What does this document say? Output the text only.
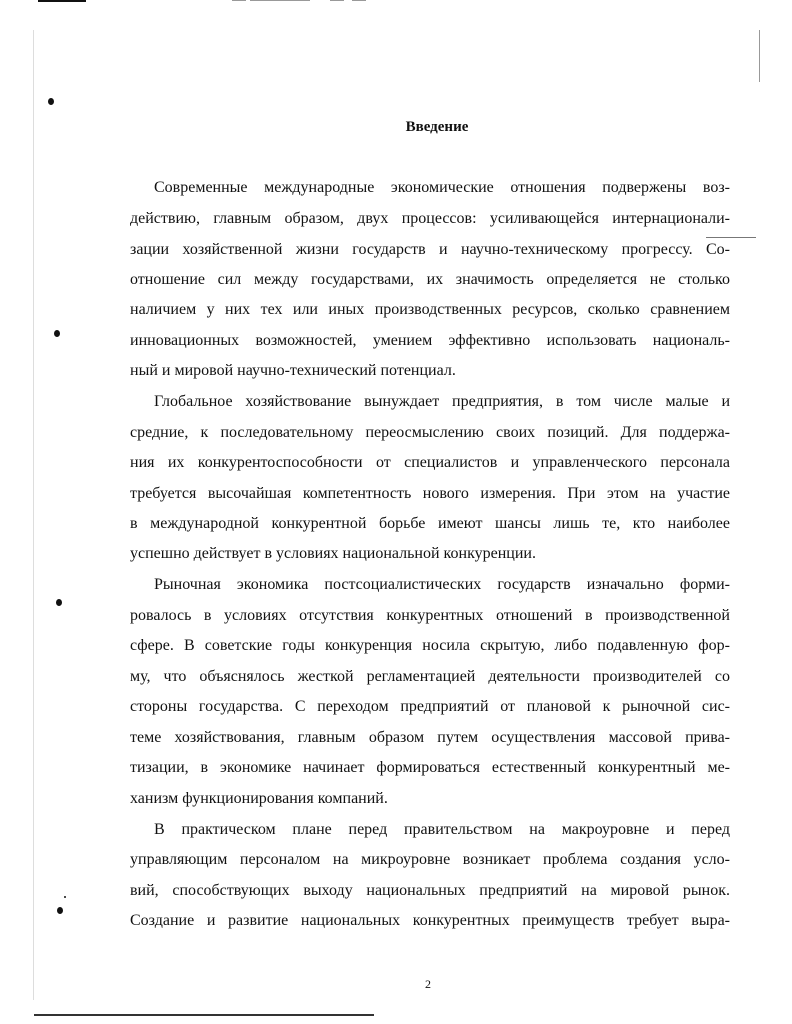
Введение
Современные международные экономические отношения подвержены воз-
действию, главным образом, двух процессов: усиливающейся интернационали-
зации хозяйственной жизни государств и научно-техническому прогрессу. Со-
отношение сил между государствами, их значимость определяется не столько
наличием у них тех или иных производственных ресурсов, сколько сравнением
инновационных возможностей, умением эффективно использовать националь-
ный и мировой научно-технический потенциал.
Глобальное хозяйствование вынуждает предприятия, в том числе малые и
средние, к последовательному переосмыслению своих позиций. Для поддержа-
ния их конкурентоспособности от специалистов и управленческого персонала
требуется высочайшая компетентность нового измерения. При этом на участие
в международной конкурентной борьбе имеют шансы лишь те, кто наиболее
успешно действует в условиях национальной конкуренции.
Рыночная экономика постсоциалистических государств изначально форми-
ровалось в условиях отсутствия конкурентных отношений в производственной
сфере. В советские годы конкуренция носила скрытую, либо подавленную фор-
му, что объяснялось жесткой регламентацией деятельности производителей со
стороны государства. С переходом предприятий от плановой к рыночной сис-
теме хозяйствования, главным образом путем осуществления массовой прива-
тизации, в экономике начинает формироваться естественный конкурентный ме-
ханизм функционирования компаний.
В практическом плане перед правительством на макроуровне и перед
управляющим персоналом на микроуровне возникает проблема создания усло-
вий, способствующих выходу национальных предприятий на мировой рынок.
Создание и развитие национальных конкурентных преимуществ требует выра-
2
